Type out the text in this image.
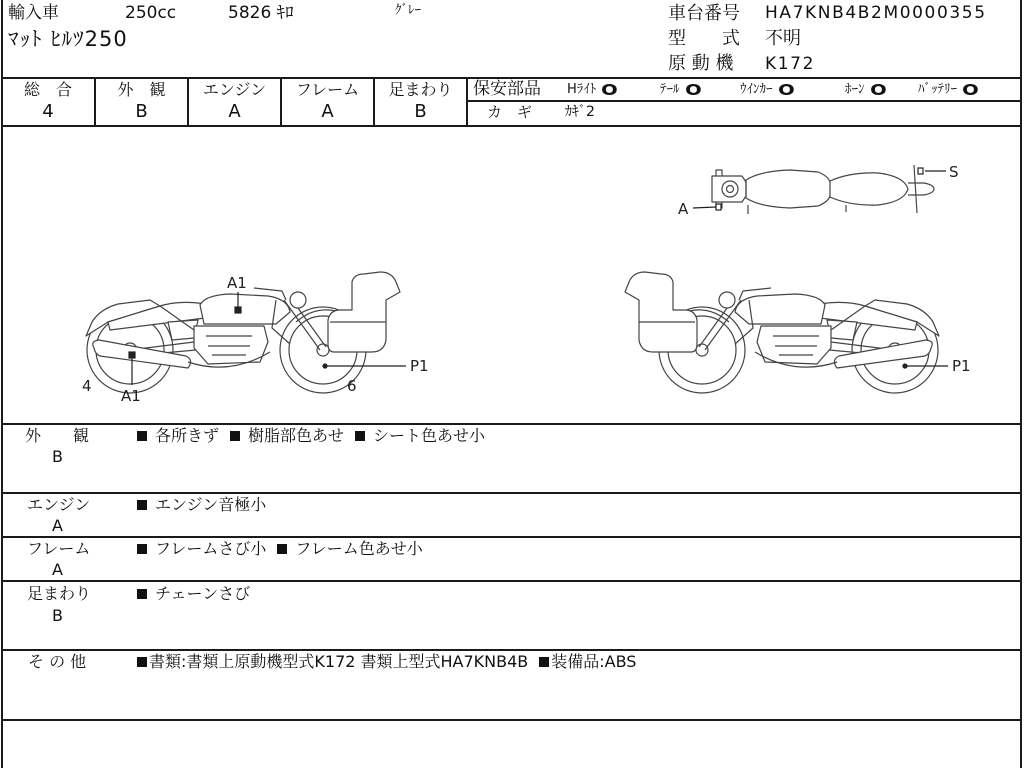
輸入車	250cc	5826 ｷﾛ	ｸﾞﾚｰ
ﾏｯﾄ ﾋﾙﾂ250
車台番号 HA7KNB4B2M0000355
型　　式 不明
原 動 機 K172
総　合
4
外　観
B
エンジン
A
フレーム
A
足まわり
B
保安部品 Hﾗｲﾄ O	ﾃｰﾙ O	ｳｲﾝｶｰ O	ﾎｰﾝ O ﾊﾞｯﾃﾘｰ O
カ　ギ ｶｷﾞ2
A
S
A1
4
A1
6
P1	P1
外　　観
B
各所きず 樹脂部色あせ シート色あせ小
エンジン
A
エンジン音極小
フレーム
A
フレームさび小 フレーム色あせ小
足まわり
B
チェーンさび
そ の 他	書類:書類上原動機型式K172 書類上型式HA7KNB4B 装備品:ABS
